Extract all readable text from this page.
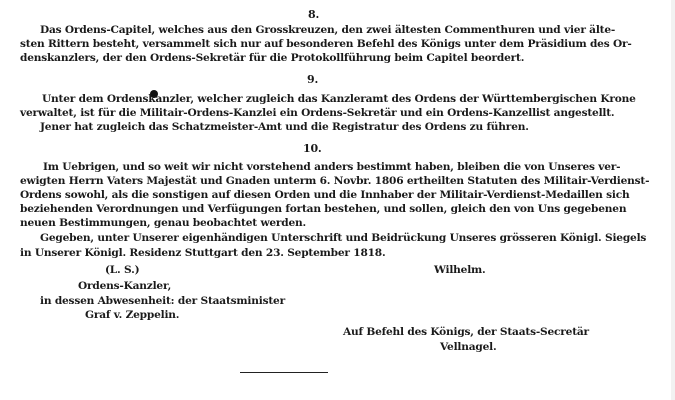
8.
Das Ordens-Capitel, welches aus den Grosskreuzen, den zwei ältesten Commenthuren und vier älte-
sten Rittern besteht, versammelt sich nur auf besonderen Befehl des Königs unter dem Präsidium des Or-
denskanzlers, der den Ordens-Sekretär für die Protokollführung beim Capitel beordert.
9.
Unter dem Ordenskanzler, welcher zugleich das Kanzleramt des Ordens der Württembergischen Krone
verwaltet, ist für die Militair-Ordens-Kanzlei ein Ordens-Sekretär und ein Ordens-Kanzellist angestellt.
Jener hat zugleich das Schatzmeister-Amt und die Registratur des Ordens zu führen.
10.
Im Uebrigen, und so weit wir nicht vorstehend anders bestimmt haben, bleiben die von Unseres ver-
ewigten Herrn Vaters Majestät und Gnaden unterm 6. Novbr. 1806 ertheilten Statuten des Militair-Verdienst-
Ordens sowohl, als die sonstigen auf diesen Orden und die Innhaber der Militair-Verdienst-Medaillen sich
beziehenden Verordnungen und Verfügungen fortan bestehen, und sollen, gleich den von Uns gegebenen
neuen Bestimmungen, genau beobachtet werden.
Gegeben, unter Unserer eigenhändigen Unterschrift und Beidrückung Unseres grösseren Königl. Siegels
in Unserer Königl. Residenz Stuttgart den 23. September 1818.
(L. S.)	Wilhelm.
Ordens-Kanzler,
in dessen Abwesenheit: der Staatsminister
Graf v. Zeppelin.
Auf Befehl des Königs, der Staats-Secretär
Vellnagel.
